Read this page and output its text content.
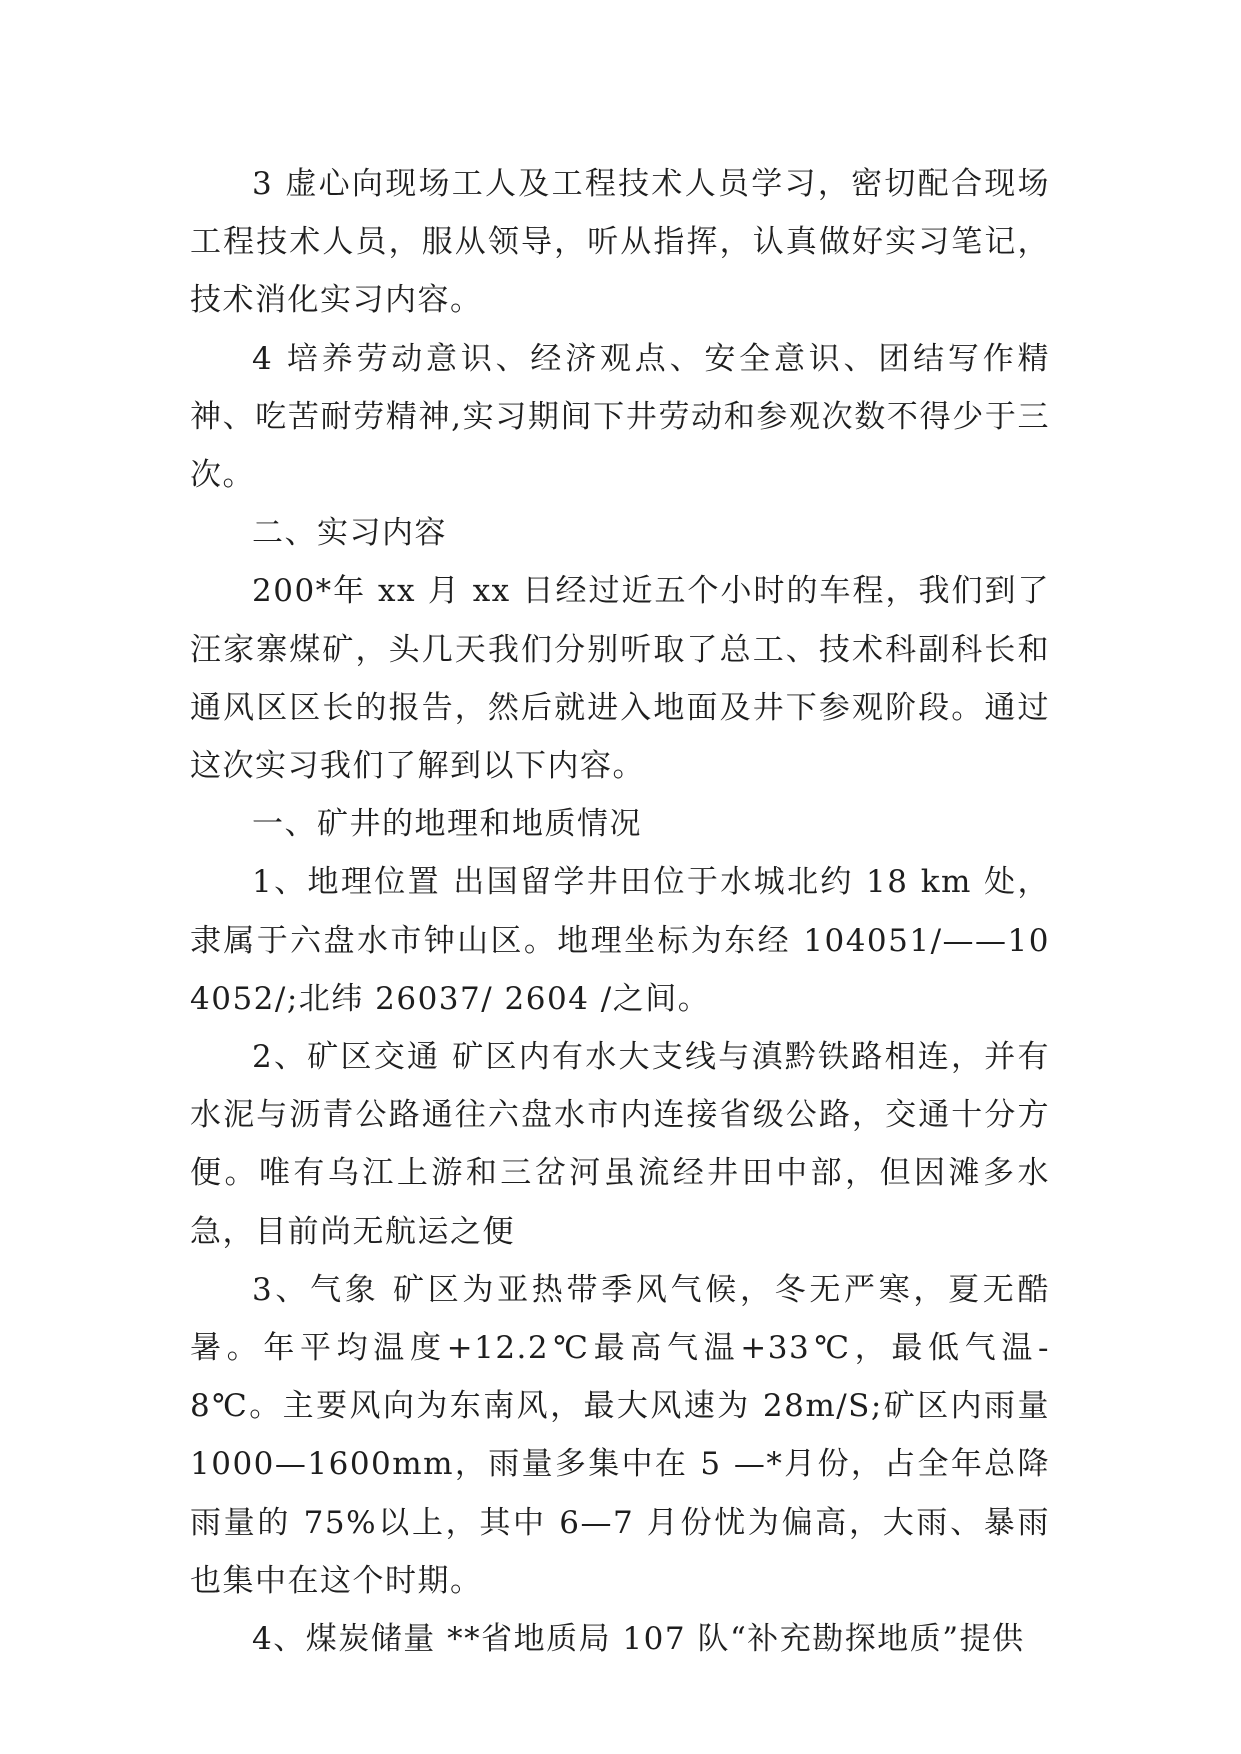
3 虚心向现场工人及工程技术人员学习，密切配合现场工程技术人员，服从领导，听从指挥，认真做好实习笔记，技术消化实习内容。

4 培养劳动意识、经济观点、安全意识、团结写作精神、吃苦耐劳精神,实习期间下井劳动和参观次数不得少于三次。

二、实习内容

200*年 xx 月 xx 日经过近五个小时的车程，我们到了汪家寨煤矿，头几天我们分别听取了总工、技术科副科长和通风区区长的报告，然后就进入地面及井下参观阶段。通过这次实习我们了解到以下内容。

一、矿井的地理和地质情况

1、地理位置 出国留学井田位于水城北约 18 km 处，隶属于六盘水市钟山区。地理坐标为东经 104051/——104052/;北纬 26037/ 2604 /之间。

2、矿区交通 矿区内有水大支线与滇黔铁路相连，并有水泥与沥青公路通往六盘水市内连接省级公路，交通十分方便。唯有乌江上游和三岔河虽流经井田中部，但因滩多水急，目前尚无航运之便

3、气象 矿区为亚热带季风气候，冬无严寒，夏无酷暑。年平均温度+12.2℃最高气温+33℃，最低气温-8℃。主要风向为东南风，最大风速为 28m/S;矿区内雨量 1000—1600mm，雨量多集中在 5 —*月份，占全年总降雨量的 75%以上，其中 6—7 月份忧为偏高，大雨、暴雨也集中在这个时期。

4、煤炭储量 **省地质局 107 队“补充勘探地质”提供
